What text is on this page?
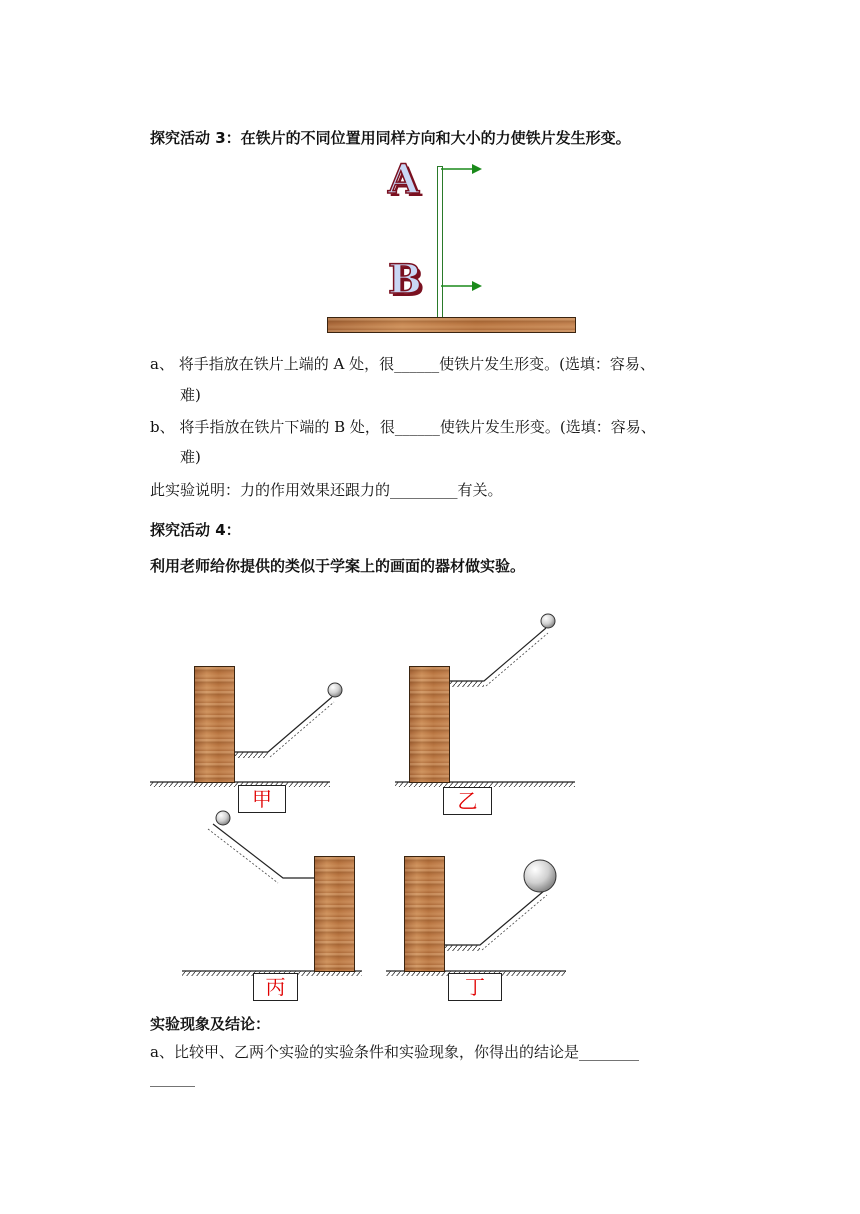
探究活动 3：在铁片的不同位置用同样方向和大小的力使铁片发生形变。
A
B
a、 将手指放在铁片上端的 A 处，很______使铁片发生形变。(选填：容易、
难)
b、 将手指放在铁片下端的 B 处，很______使铁片发生形变。(选填：容易、
难)
此实验说明：力的作用效果还跟力的_________有关。
探究活动 4：
利用老师给你提供的类似于学案上的画面的器材做实验。
甲	乙
丙	丁
实验现象及结论：
a、比较甲、乙两个实验的实验条件和实验现象，你得出的结论是________
______
